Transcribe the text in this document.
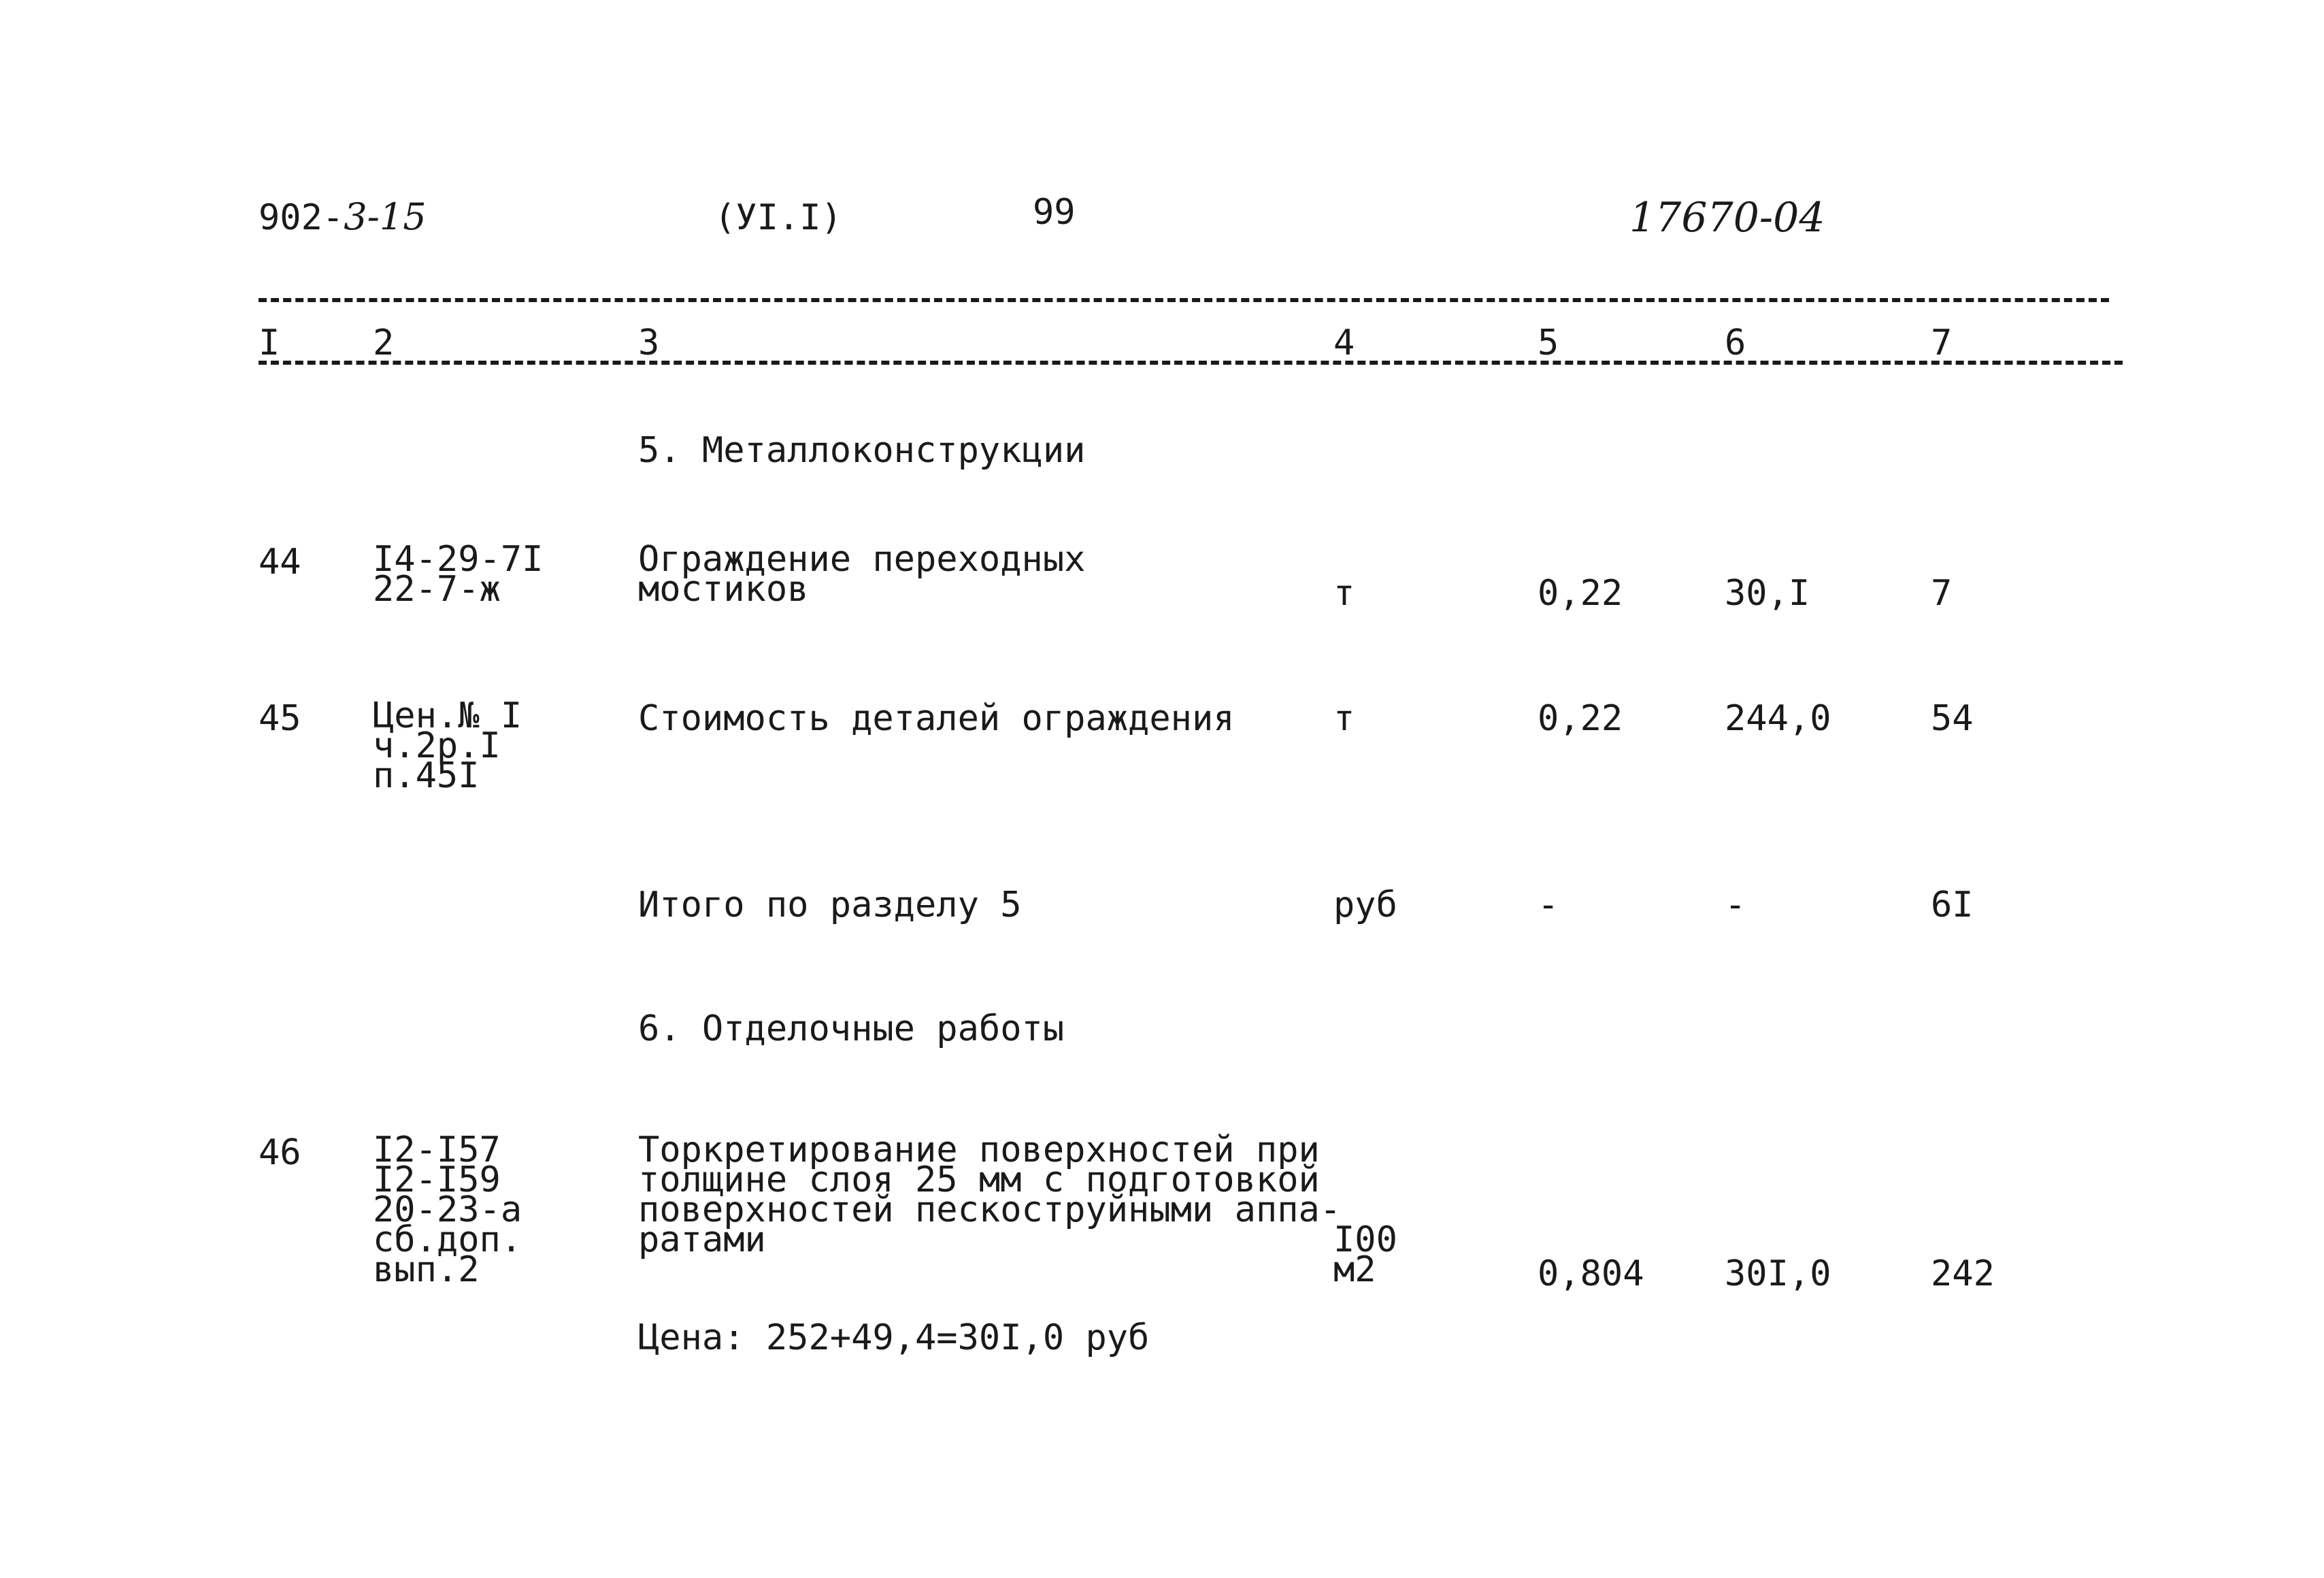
902-3-15	(УI.I)	99	17670-04
I	2	3	4	5	6	7
5. Металлоконструкции
44 I4-29-7I
22-7-ж
Ограждение переходных
мостиков	т	0,22	30,I	7
45 Цен.№ I
ч.2р.I
п.45I
Стоимость деталей ограждения	т	0,22	244,0	54
Итого по разделу 5	руб	-	-	6I
6. Отделочные работы
46 I2-I57
I2-I59
20-23-а
сб.доп.
вып.2
Торкретирование поверхностей при
толщине слоя 25 мм с подготовкой
поверхностей пескоструйными аппа-
ратами	I00
м2	0,804 30I,0	242
Цена: 252+49,4=30I,0 руб
